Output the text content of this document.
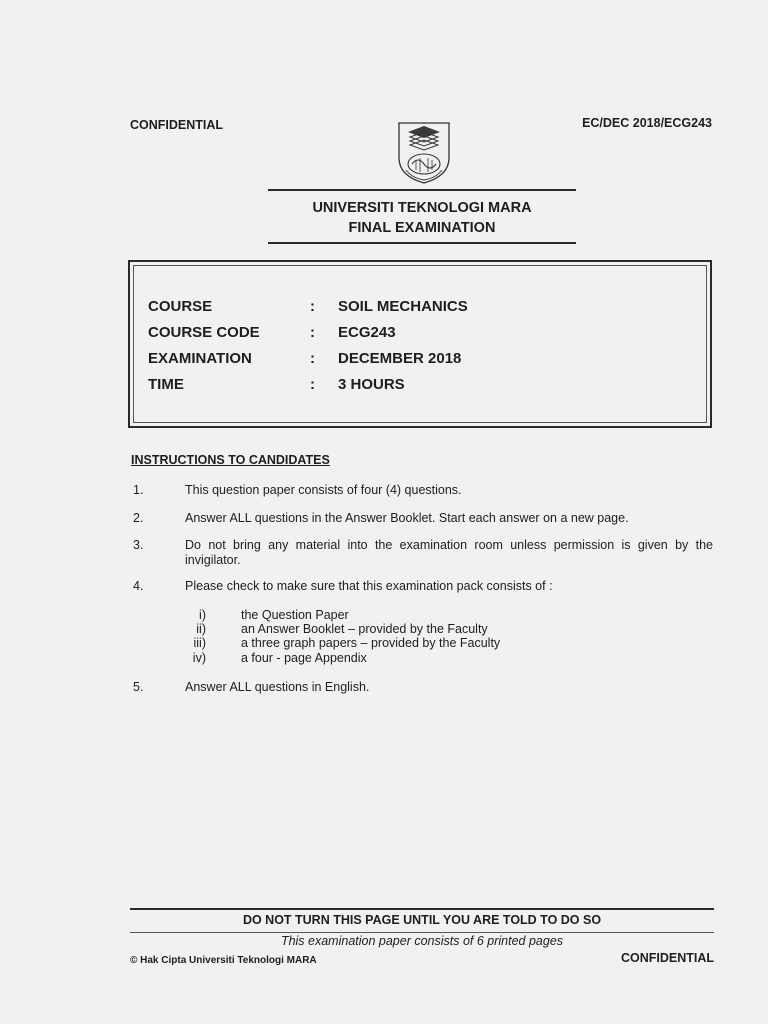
CONFIDENTIAL	EC/DEC 2018/ECG243
UNIVERSITI TEKNOLOGI MARA
FINAL EXAMINATION
COURSE	: SOIL MECHANICS
COURSE CODE	: ECG243
EXAMINATION	: DECEMBER 2018
TIME	: 3 HOURS
INSTRUCTIONS TO CANDIDATES
1.	This question paper consists of four (4) questions.
2.	Answer ALL questions in the Answer Booklet. Start each answer on a new page.
3.	Do not bring any material into the examination room unless permission is given by the invigilator.
4.	Please check to make sure that this examination pack consists of :
i)	the Question Paper
ii)	an Answer Booklet – provided by the Faculty
iii)	a three graph papers – provided by the Faculty
iv)	a four - page Appendix
5.	Answer ALL questions in English.
DO NOT TURN THIS PAGE UNTIL YOU ARE TOLD TO DO SO
This examination paper consists of 6 printed pages
© Hak Cipta Universiti Teknologi MARA	CONFIDENTIAL
